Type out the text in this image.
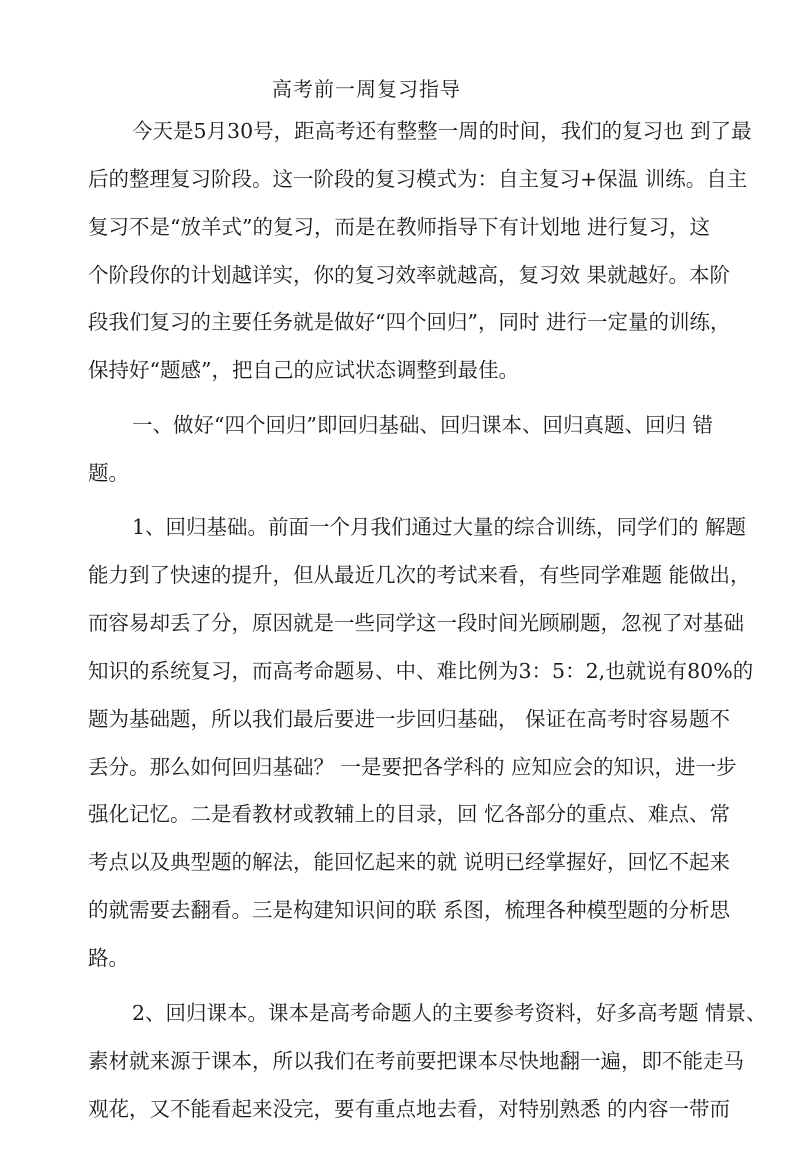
高考前一周复习指导
今天是5月30号，距高考还有整整一周的时间，我们的复习也 到了最
后的整理复习阶段。这一阶段的复习模式为：自主复习+保温 训练。自主
复习不是“放羊式”的复习，而是在教师指导下有计划地 进行复习，这
个阶段你的计划越详实，你的复习效率就越高，复习效 果就越好。本阶
段我们复习的主要任务就是做好“四个回归”，同时 进行一定量的训练，
保持好“题感”，把自己的应试状态调整到最佳。
一、做好“四个回归”即回归基础、回归课本、回归真题、回归 错
题。
1、回归基础。前面一个月我们通过大量的综合训练，同学们的 解题
能力到了快速的提升，但从最近几次的考试来看，有些同学难题 能做出，
而容易却丢了分，原因就是一些同学这一段时间光顾刷题，忽视了对基础
知识的系统复习，而高考命题易、中、难比例为3：5：2,也就说有80%的
题为基础题，所以我们最后要进一步回归基础， 保证在高考时容易题不
丢分。那么如何回归基础？ 一是要把各学科的 应知应会的知识，进一步
强化记忆。二是看教材或教辅上的目录，回 忆各部分的重点、难点、常
考点以及典型题的解法，能回忆起来的就 说明已经掌握好，回忆不起来
的就需要去翻看。三是构建知识间的联 系图，梳理各种模型题的分析思
路。
2、回归课本。课本是高考命题人的主要参考资料，好多高考题 情景、
素材就来源于课本，所以我们在考前要把课本尽快地翻一遍，即不能走马
观花，又不能看起来没完，要有重点地去看，对特别熟悉 的内容一带而
